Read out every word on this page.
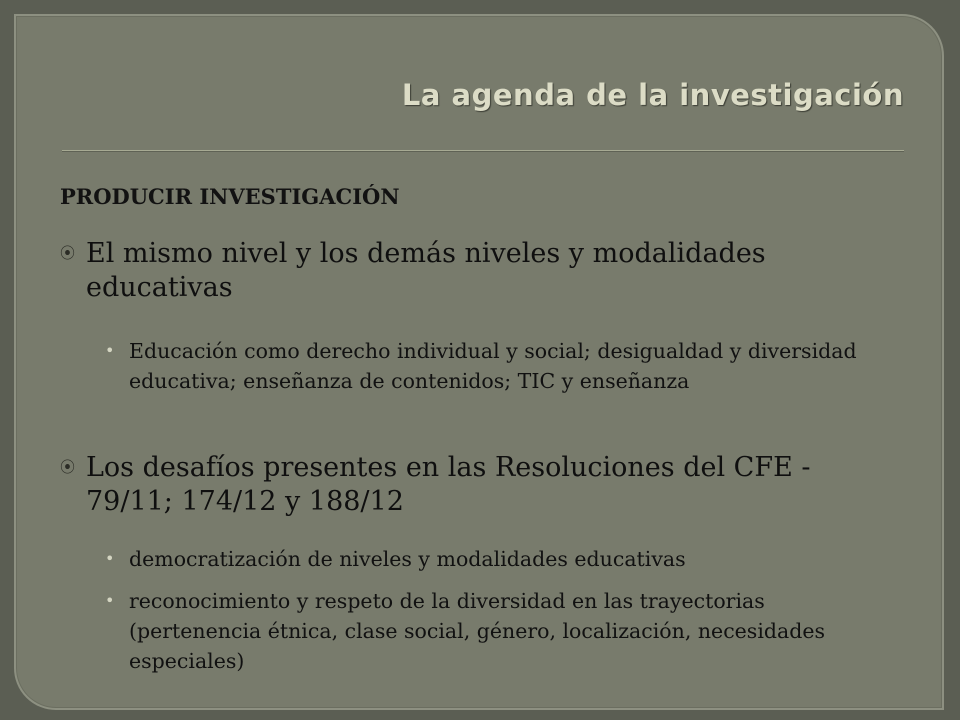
La agenda de la investigación
PRODUCIR INVESTIGACIÓN
⦿ El mismo nivel y los demás niveles y modalidades educativas
• Educación como derecho individual y social; desigualdad y diversidad educativa; enseñanza de contenidos; TIC y enseñanza
⦿ Los desafíos presentes en las Resoluciones del CFE - 79/11; 174/12 y 188/12
• democratización de niveles y modalidades educativas
• reconocimiento y respeto de la diversidad en las trayectorias (pertenencia étnica, clase social, género, localización, necesidades especiales)
